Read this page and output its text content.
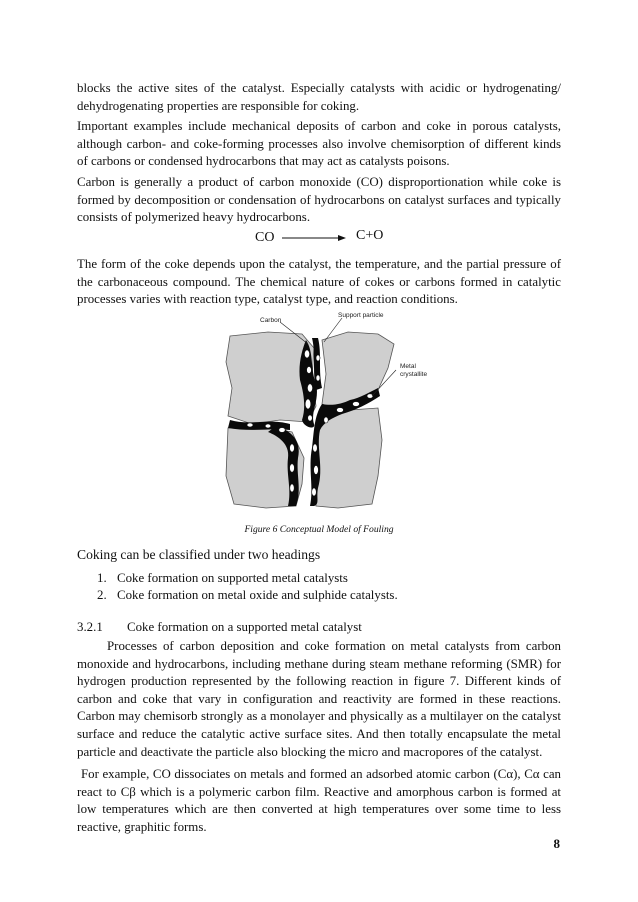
blocks the active sites of the catalyst. Especially catalysts with acidic or hydrogenating/ dehydrogenating properties are responsible for coking.

Important examples include mechanical deposits of carbon and coke in porous catalysts, although carbon- and coke-forming processes also involve chemisorption of different kinds of carbons or condensed hydrocarbons that may act as catalysts poisons.

Carbon is generally a product of carbon monoxide (CO) disproportionation while coke is formed by decomposition or condensation of hydrocarbons on catalyst surfaces and typically consists of polymerized heavy hydrocarbons.

CO	C+O

The form of the coke depends upon the catalyst, the temperature, and the partial pressure of the carbonaceous compound. The chemical nature of cokes or carbons formed in catalytic processes varies with reaction type, catalyst type, and reaction conditions.

Carbon
Support particle
Metal
crystallite
Figure 6 Conceptual Model of Fouling
Coking can be classified under two headings
1. Coke formation on supported metal catalysts
2. Coke formation on metal oxide and sulphide catalysts.
3.2.1 Coke formation on a supported metal catalyst

Processes of carbon deposition and coke formation on metal catalysts from carbon monoxide and hydrocarbons, including methane during steam methane reforming (SMR) for hydrogen production represented by the following reaction in figure 7. Different kinds of carbon and coke that vary in configuration and reactivity are formed in these reactions. Carbon may chemisorb strongly as a monolayer and physically as a multilayer on the catalyst surface and reduce the catalytic active surface sites. And then totally encapsulate the metal particle and deactivate the particle also blocking the micro and macropores of the catalyst.

For example, CO dissociates on metals and formed an adsorbed atomic carbon (Cα), Cα can react to Cβ which is a polymeric carbon film. Reactive and amorphous carbon is formed at low temperatures which are then converted at high temperatures over some time to less reactive, graphitic forms.

8
